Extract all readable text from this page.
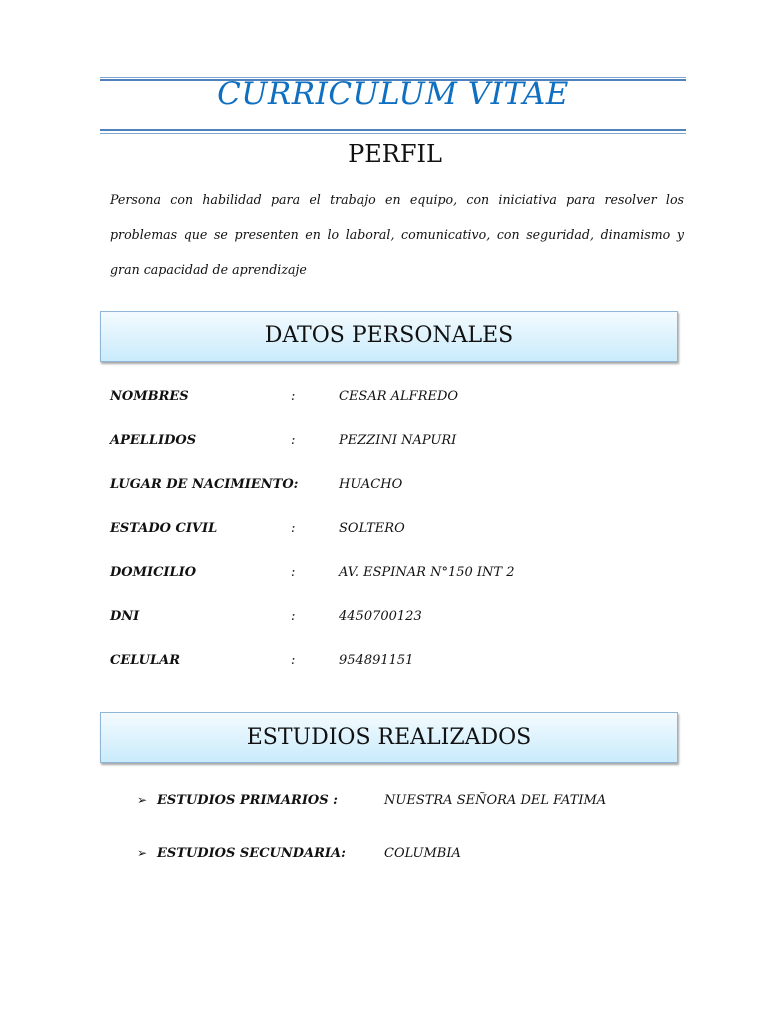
CURRICULUM VITAE
PERFIL
Persona con habilidad para el trabajo en equipo, con iniciativa para resolver los problemas que se presenten en lo laboral, comunicativo, con seguridad, dinamismo y gran capacidad de aprendizaje
DATOS PERSONALES
NOMBRES	:	CESAR ALFREDO
APELLIDOS	:	PEZZINI NAPURI
LUGAR DE NACIMIENTO:	HUACHO
ESTADO CIVIL	:	SOLTERO
DOMICILIO	:	AV. ESPINAR N°150 INT 2
DNI	:	4450700123
CELULAR	:	954891151
ESTUDIOS REALIZADOS
➢ ESTUDIOS PRIMARIOS :	NUESTRA SEÑORA DEL FATIMA
➢ ESTUDIOS SECUNDARIA:	COLUMBIA
